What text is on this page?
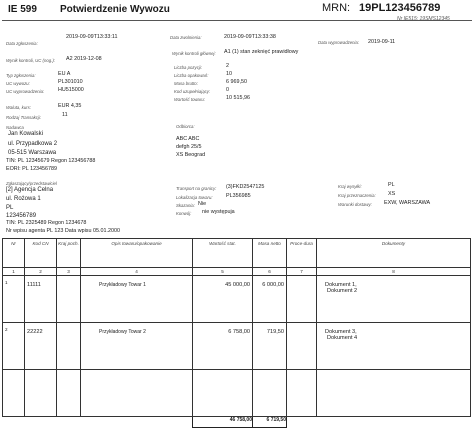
IE 599 Potwierdzenie Wywozu	MRN: 19PL123456789
Nr IE515: 19SMS12345
Data zgłoszenia:
2019-09-09T13:33:11	Data zwolnienia:	2019-09-09T13:33:38
Data wyprowadzenia: 2019-09-11
Wynik kontroli głównej: A1 (1) stan zeknięć prawidłowy
Wynik kontroli, UC (nog.): A2 2019-12-08
Typ zgłoszenia:	EU A
UC wywozu:	PL301010
UC wyprowadzenia:	HU515000
Liczba pozycji:	2
Liczba opakowań:	10
Masa brutto:	6 969,50
Kod uzupełniający:	0
Wartość towaru:	10 515,96
Waluta, kurs:	EUR 4,35
Rodzaj Transakcji:	11
Nadawca
Jan Kowalski
ul. Przypadkowa 2
05-515 Warszawa
TIN: PL 12345679 Regon 123456788
EORI: PL 123456789
Odbiorca:
ABC ABC
defgh 25/5
XS Beograd
Zgłaszający/przedstawiciel
[2] Agencja Celna
ul. Rożowa 1
PL
123456789
TIN: PL 2325489 Regon 1234678
Nr wpisu agenta PL 123 Data wpisu 05.01.2000
Transport na granicy: (3)FKD2547125
Lokalizacja towaru: PL356985
Skazania: Nie
Konwój: nie występuja
Kraj wysyłki:	PL
Kraj przeznaczenia: XS
Warunki dostawy: EXW, WARSZAWA
Nr	Kod CN	Kraj poch.	Opis towaru/opakowanie	Wartość stat.	Masa netto	Proce-dura	Dokumenty
1	2	3	4	5	6	7	8

1	11111		Przykładowy Towar 1	45 000,00	6 000,00		Dokument 1,
Dokument 2

2	22222		Przykładowy Towar 2	6 758,00	719,50		Dokument 3,
Dokument 4

				46 758,00	6 719,50		
